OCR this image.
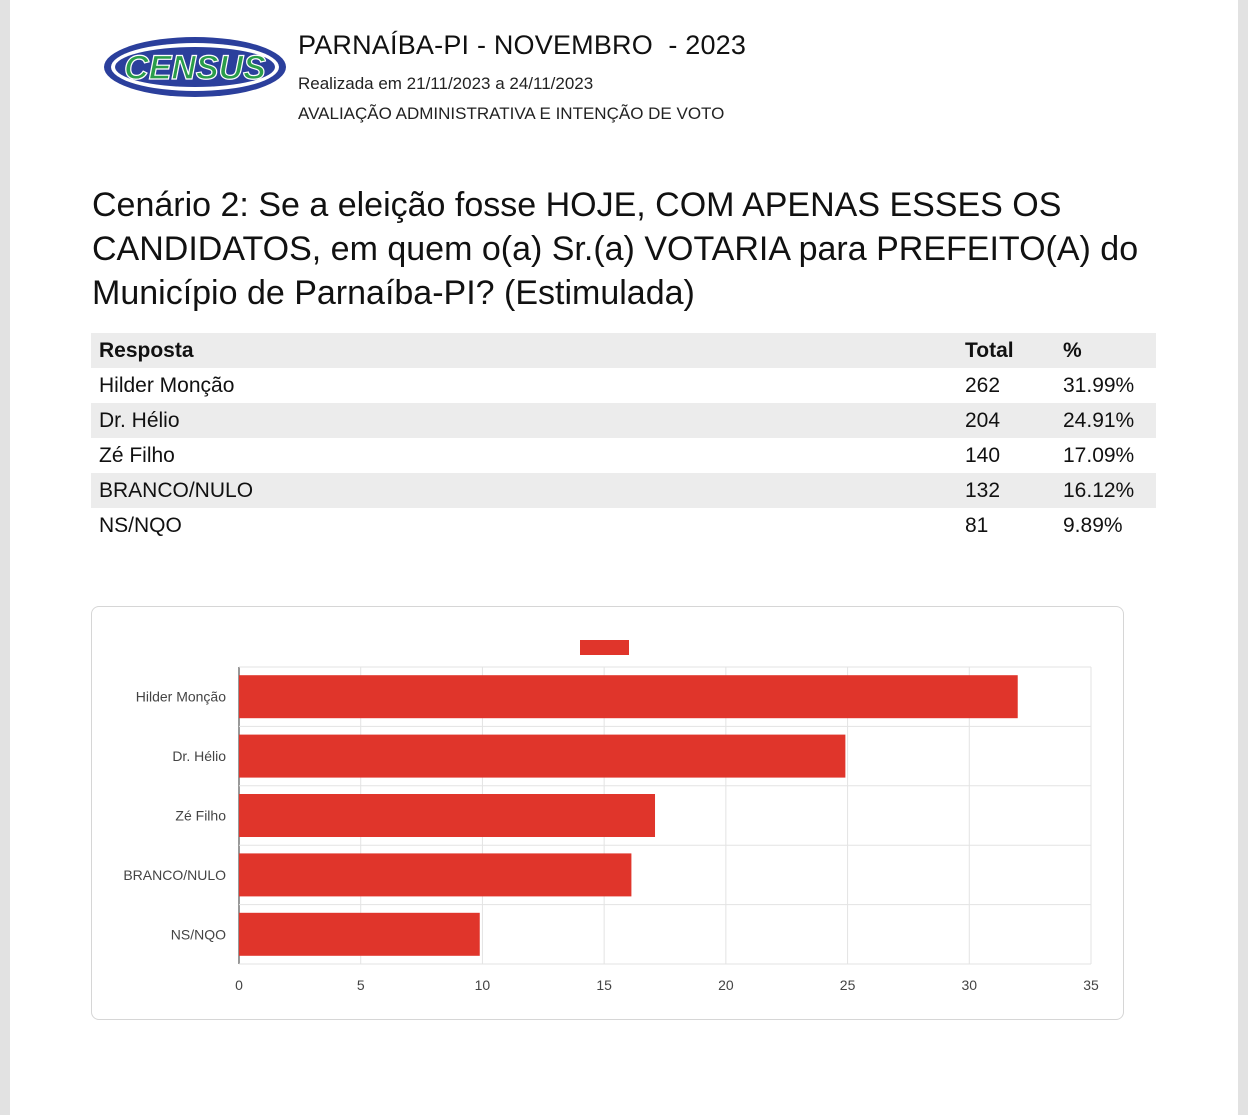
CENSUS
PARNAÍBA-PI - NOVEMBRO  - 2023
Realizada em 21/11/2023 a 24/11/2023
AVALIAÇÃO ADMINISTRATIVA E INTENÇÃO DE VOTO
Cenário 2: Se a eleição fosse HOJE, COM APENAS ESSES OS CANDIDATOS, em quem o(a) Sr.(a) VOTARIA para PREFEITO(A) do Município de Parnaíba-PI? (Estimulada)
Resposta	Total	%
Hilder Monção	262	31.99%
Dr. Hélio	204	24.91%
Zé Filho	140	17.09%
BRANCO/NULO	132	16.12%
NS/NQO	81	9.89%
Hilder Monção
Dr. Hélio
Zé Filho
BRANCO/NULO
NS/NQO
0	5	10	15	20	25	30	35
